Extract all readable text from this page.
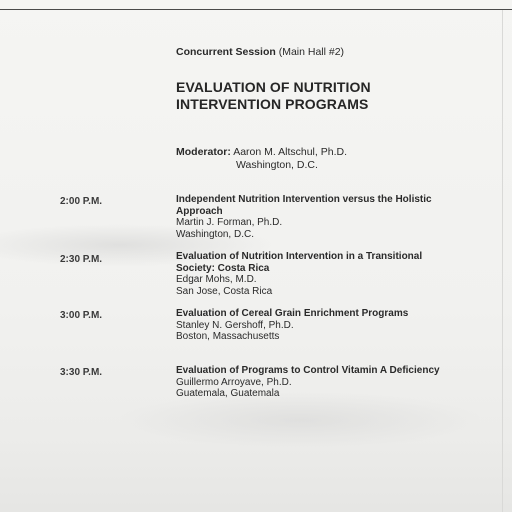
Concurrent Session (Main Hall #2)
EVALUATION OF NUTRITION
INTERVENTION PROGRAMS
Moderator: Aaron M. Altschul, Ph.D.
Washington, D.C.
2:00 P.M.	Independent Nutrition Intervention versus the Holistic Approach
Martin J. Forman, Ph.D.
Washington, D.C.
2:30 P.M.	Evaluation of Nutrition Intervention in a Transitional Society: Costa Rica
Edgar Mohs, M.D.
San Jose, Costa Rica
3:00 P.M.	Evaluation of Cereal Grain Enrichment Programs
Stanley N. Gershoff, Ph.D.
Boston, Massachusetts
3:30 P.M.	Evaluation of Programs to Control Vitamin A Deficiency
Guillermo Arroyave, Ph.D.
Guatemala, Guatemala
